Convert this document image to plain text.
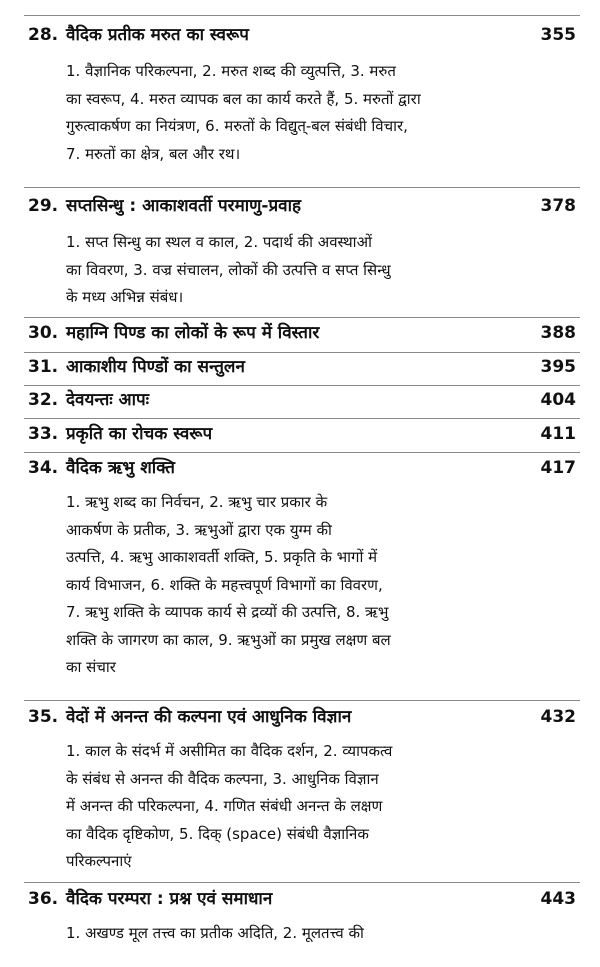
28. वैदिक प्रतीक मरुत का स्वरूप	355
1. वैज्ञानिक परिकल्पना, 2. मरुत शब्द की व्युत्पत्ति, 3. मरुत
का स्वरूप, 4. मरुत व्यापक बल का कार्य करते हैं, 5. मरुतों द्वारा
गुरुत्वाकर्षण का नियंत्रण, 6. मरुतों के विद्युत्-बल संबंधी विचार,
7. मरुतों का क्षेत्र, बल और रथ।
29. सप्तसिन्धु : आकाशवर्ती परमाणु-प्रवाह	378
1. सप्त सिन्धु का स्थल व काल, 2. पदार्थ की अवस्थाओं
का विवरण, 3. वज्र संचालन, लोकों की उत्पत्ति व सप्त सिन्धु
के मध्य अभिन्न संबंध।
30. महाग्नि पिण्ड का लोकों के रूप में विस्तार	388
31. आकाशीय पिण्डों का सन्तुलन	395
32. देवयन्तः आपः	404
33. प्रकृति का रोचक स्वरूप	411
34. वैदिक ऋभु शक्ति	417
1. ऋभु शब्द का निर्वचन, 2. ऋभु चार प्रकार के
आकर्षण के प्रतीक, 3. ऋभुओं द्वारा एक युग्म की
उत्पत्ति, 4. ऋभु आकाशवर्ती शक्ति, 5. प्रकृति के भागों में
कार्य विभाजन, 6. शक्ति के महत्त्वपूर्ण विभागों का विवरण,
7. ऋभु शक्ति के व्यापक कार्य से द्रव्यों की उत्पत्ति, 8. ऋभु
शक्ति के जागरण का काल, 9. ऋभुओं का प्रमुख लक्षण बल
का संचार
35. वेदों में अनन्त की कल्पना एवं आधुनिक विज्ञान	432
1. काल के संदर्भ में असीमित का वैदिक दर्शन, 2. व्यापकत्व
के संबंध से अनन्त की वैदिक कल्पना, 3. आधुनिक विज्ञान
में अनन्त की परिकल्पना, 4. गणित संबंधी अनन्त के लक्षण
का वैदिक दृष्टिकोण, 5. दिक् (space) संबंधी वैज्ञानिक
परिकल्पनाएं
36. वैदिक परम्परा : प्रश्न एवं समाधान	443
1. अखण्ड मूल तत्त्व का प्रतीक अदिति, 2. मूलतत्त्व की
